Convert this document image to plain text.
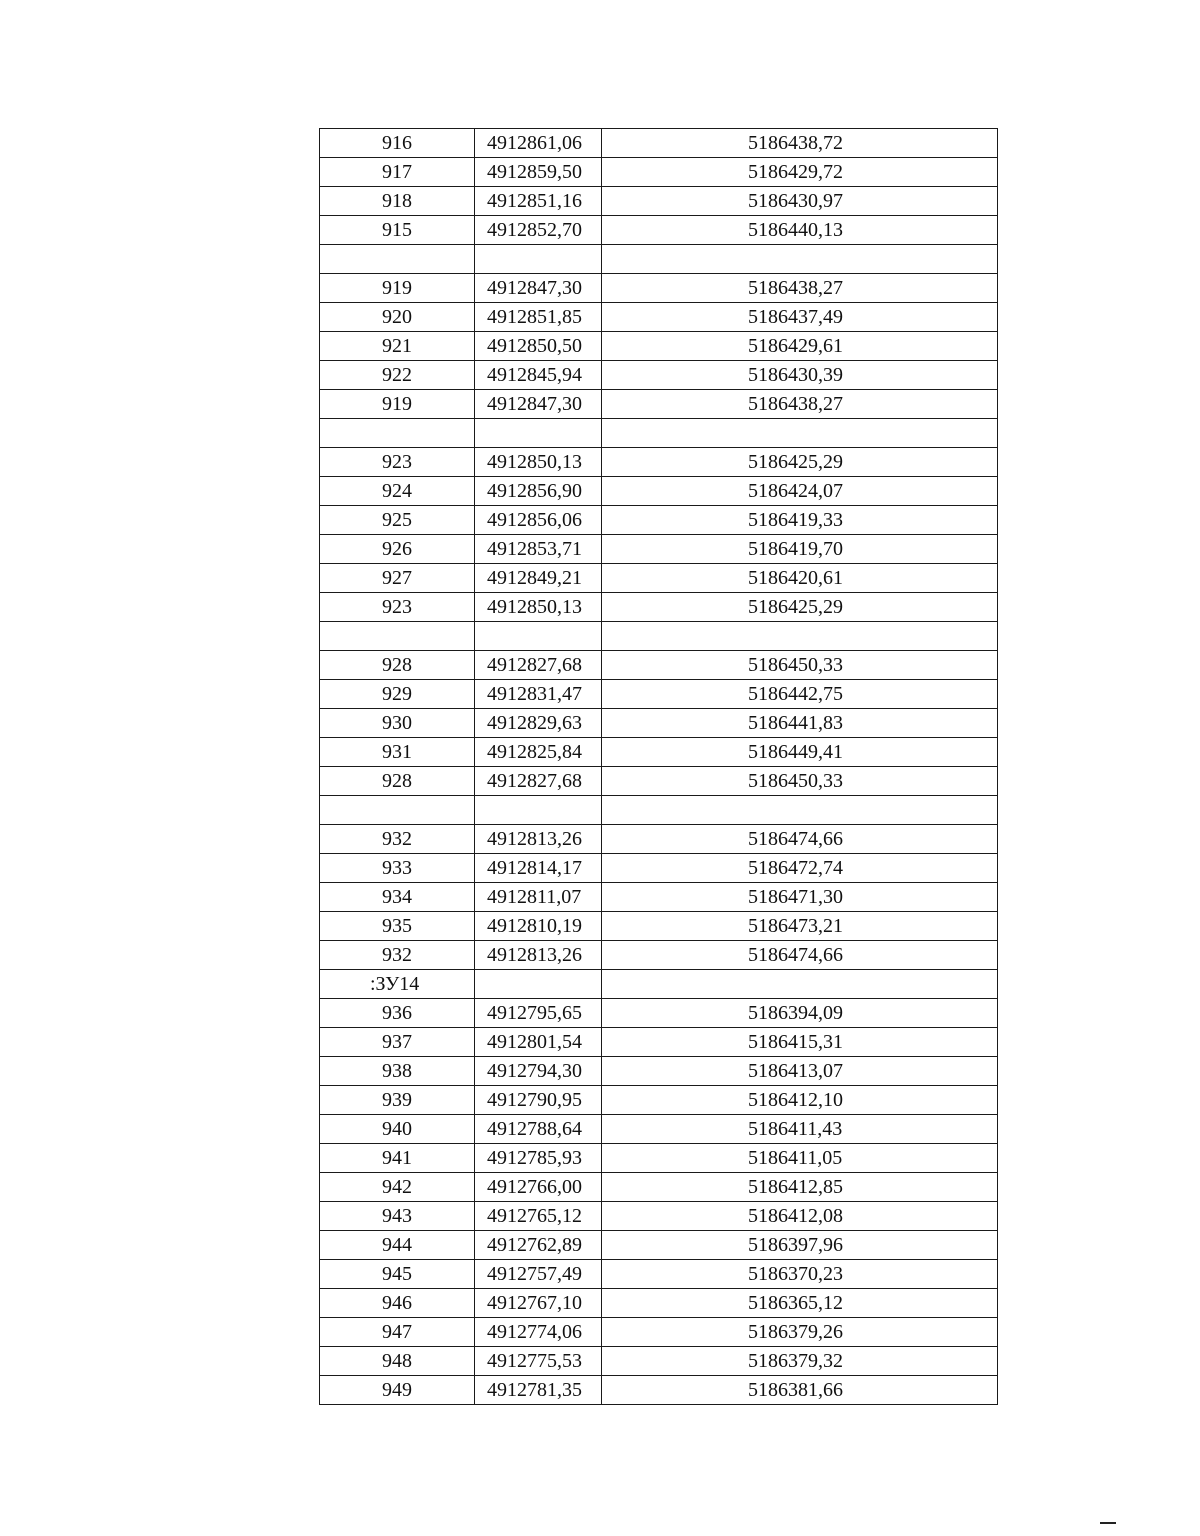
916	4912861,06	5186438,72
917	4912859,50	5186429,72
918	4912851,16	5186430,97
915	4912852,70	5186440,13

919	4912847,30	5186438,27
920	4912851,85	5186437,49
921	4912850,50	5186429,61
922	4912845,94	5186430,39
919	4912847,30	5186438,27

923	4912850,13	5186425,29
924	4912856,90	5186424,07
925	4912856,06	5186419,33
926	4912853,71	5186419,70
927	4912849,21	5186420,61
923	4912850,13	5186425,29

928	4912827,68	5186450,33
929	4912831,47	5186442,75
930	4912829,63	5186441,83
931	4912825,84	5186449,41
928	4912827,68	5186450,33

932	4912813,26	5186474,66
933	4912814,17	5186472,74
934	4912811,07	5186471,30
935	4912810,19	5186473,21
932	4912813,26	5186474,66
:ЗУ14		
936	4912795,65	5186394,09
937	4912801,54	5186415,31
938	4912794,30	5186413,07
939	4912790,95	5186412,10
940	4912788,64	5186411,43
941	4912785,93	5186411,05
942	4912766,00	5186412,85
943	4912765,12	5186412,08
944	4912762,89	5186397,96
945	4912757,49	5186370,23
946	4912767,10	5186365,12
947	4912774,06	5186379,26
948	4912775,53	5186379,32
949	4912781,35	5186381,66
